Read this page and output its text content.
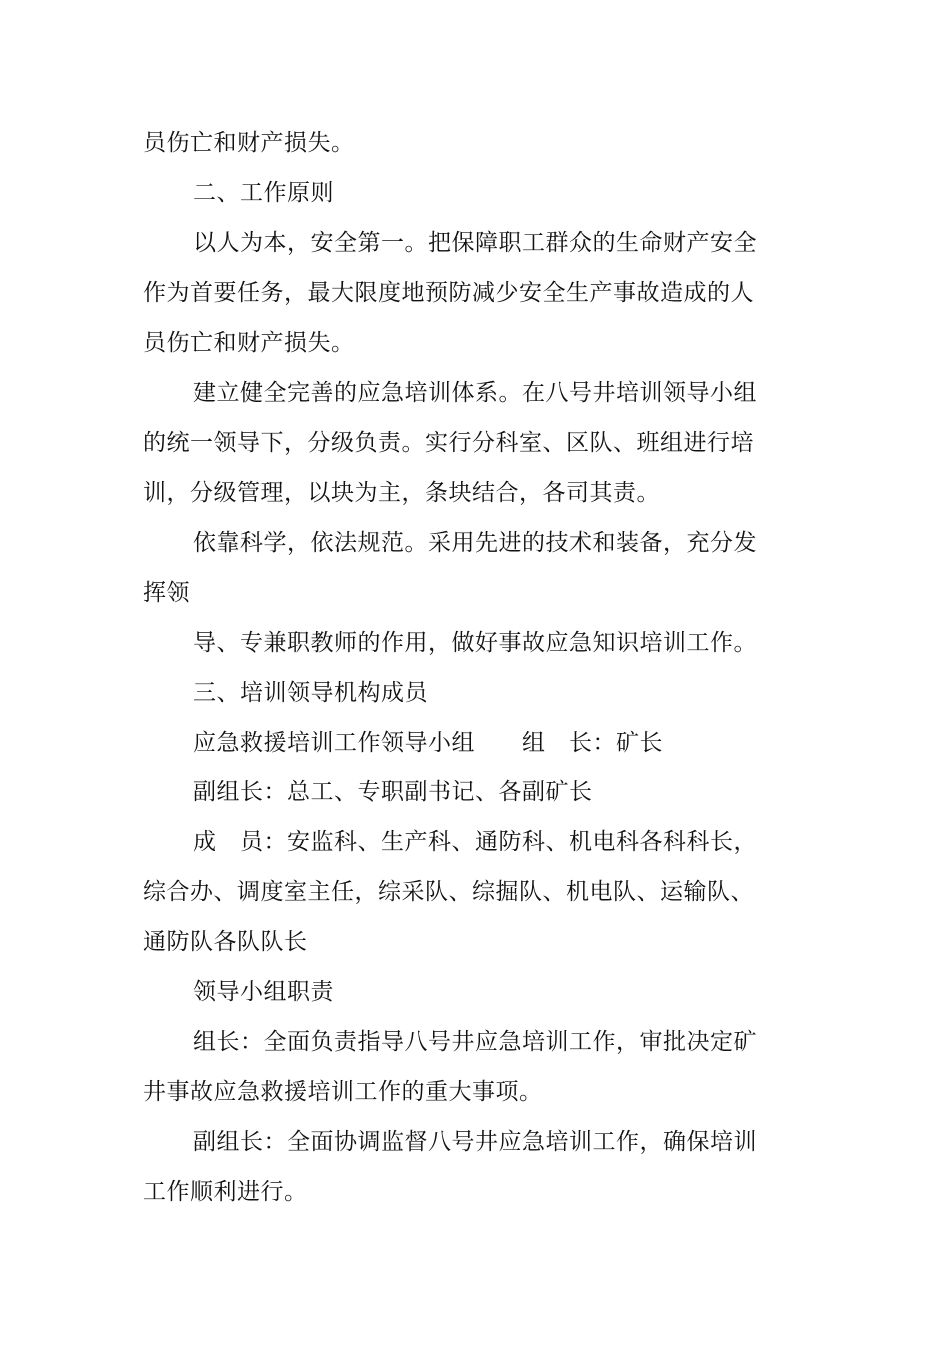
员伤亡和财产损失。
二、工作原则
以人为本，安全第一。把保障职工群众的生命财产安全
作为首要任务，最大限度地预防减少安全生产事故造成的人
员伤亡和财产损失。
建立健全完善的应急培训体系。在八号井培训领导小组
的统一领导下，分级负责。实行分科室、区队、班组进行培
训，分级管理，以块为主，条块结合，各司其责。
依靠科学，依法规范。采用先进的技术和装备，充分发
挥领
导、专兼职教师的作用，做好事故应急知识培训工作。
三、培训领导机构成员
应急救援培训工作领导小组　　组　长：矿长
副组长：总工、专职副书记、各副矿长
成　员：安监科、生产科、通防科、机电科各科科长，
综合办、调度室主任，综采队、综掘队、机电队、运输队、
通防队各队队长
领导小组职责
组长：全面负责指导八号井应急培训工作，审批决定矿
井事故应急救援培训工作的重大事项。
副组长：全面协调监督八号井应急培训工作，确保培训
工作顺利进行。
